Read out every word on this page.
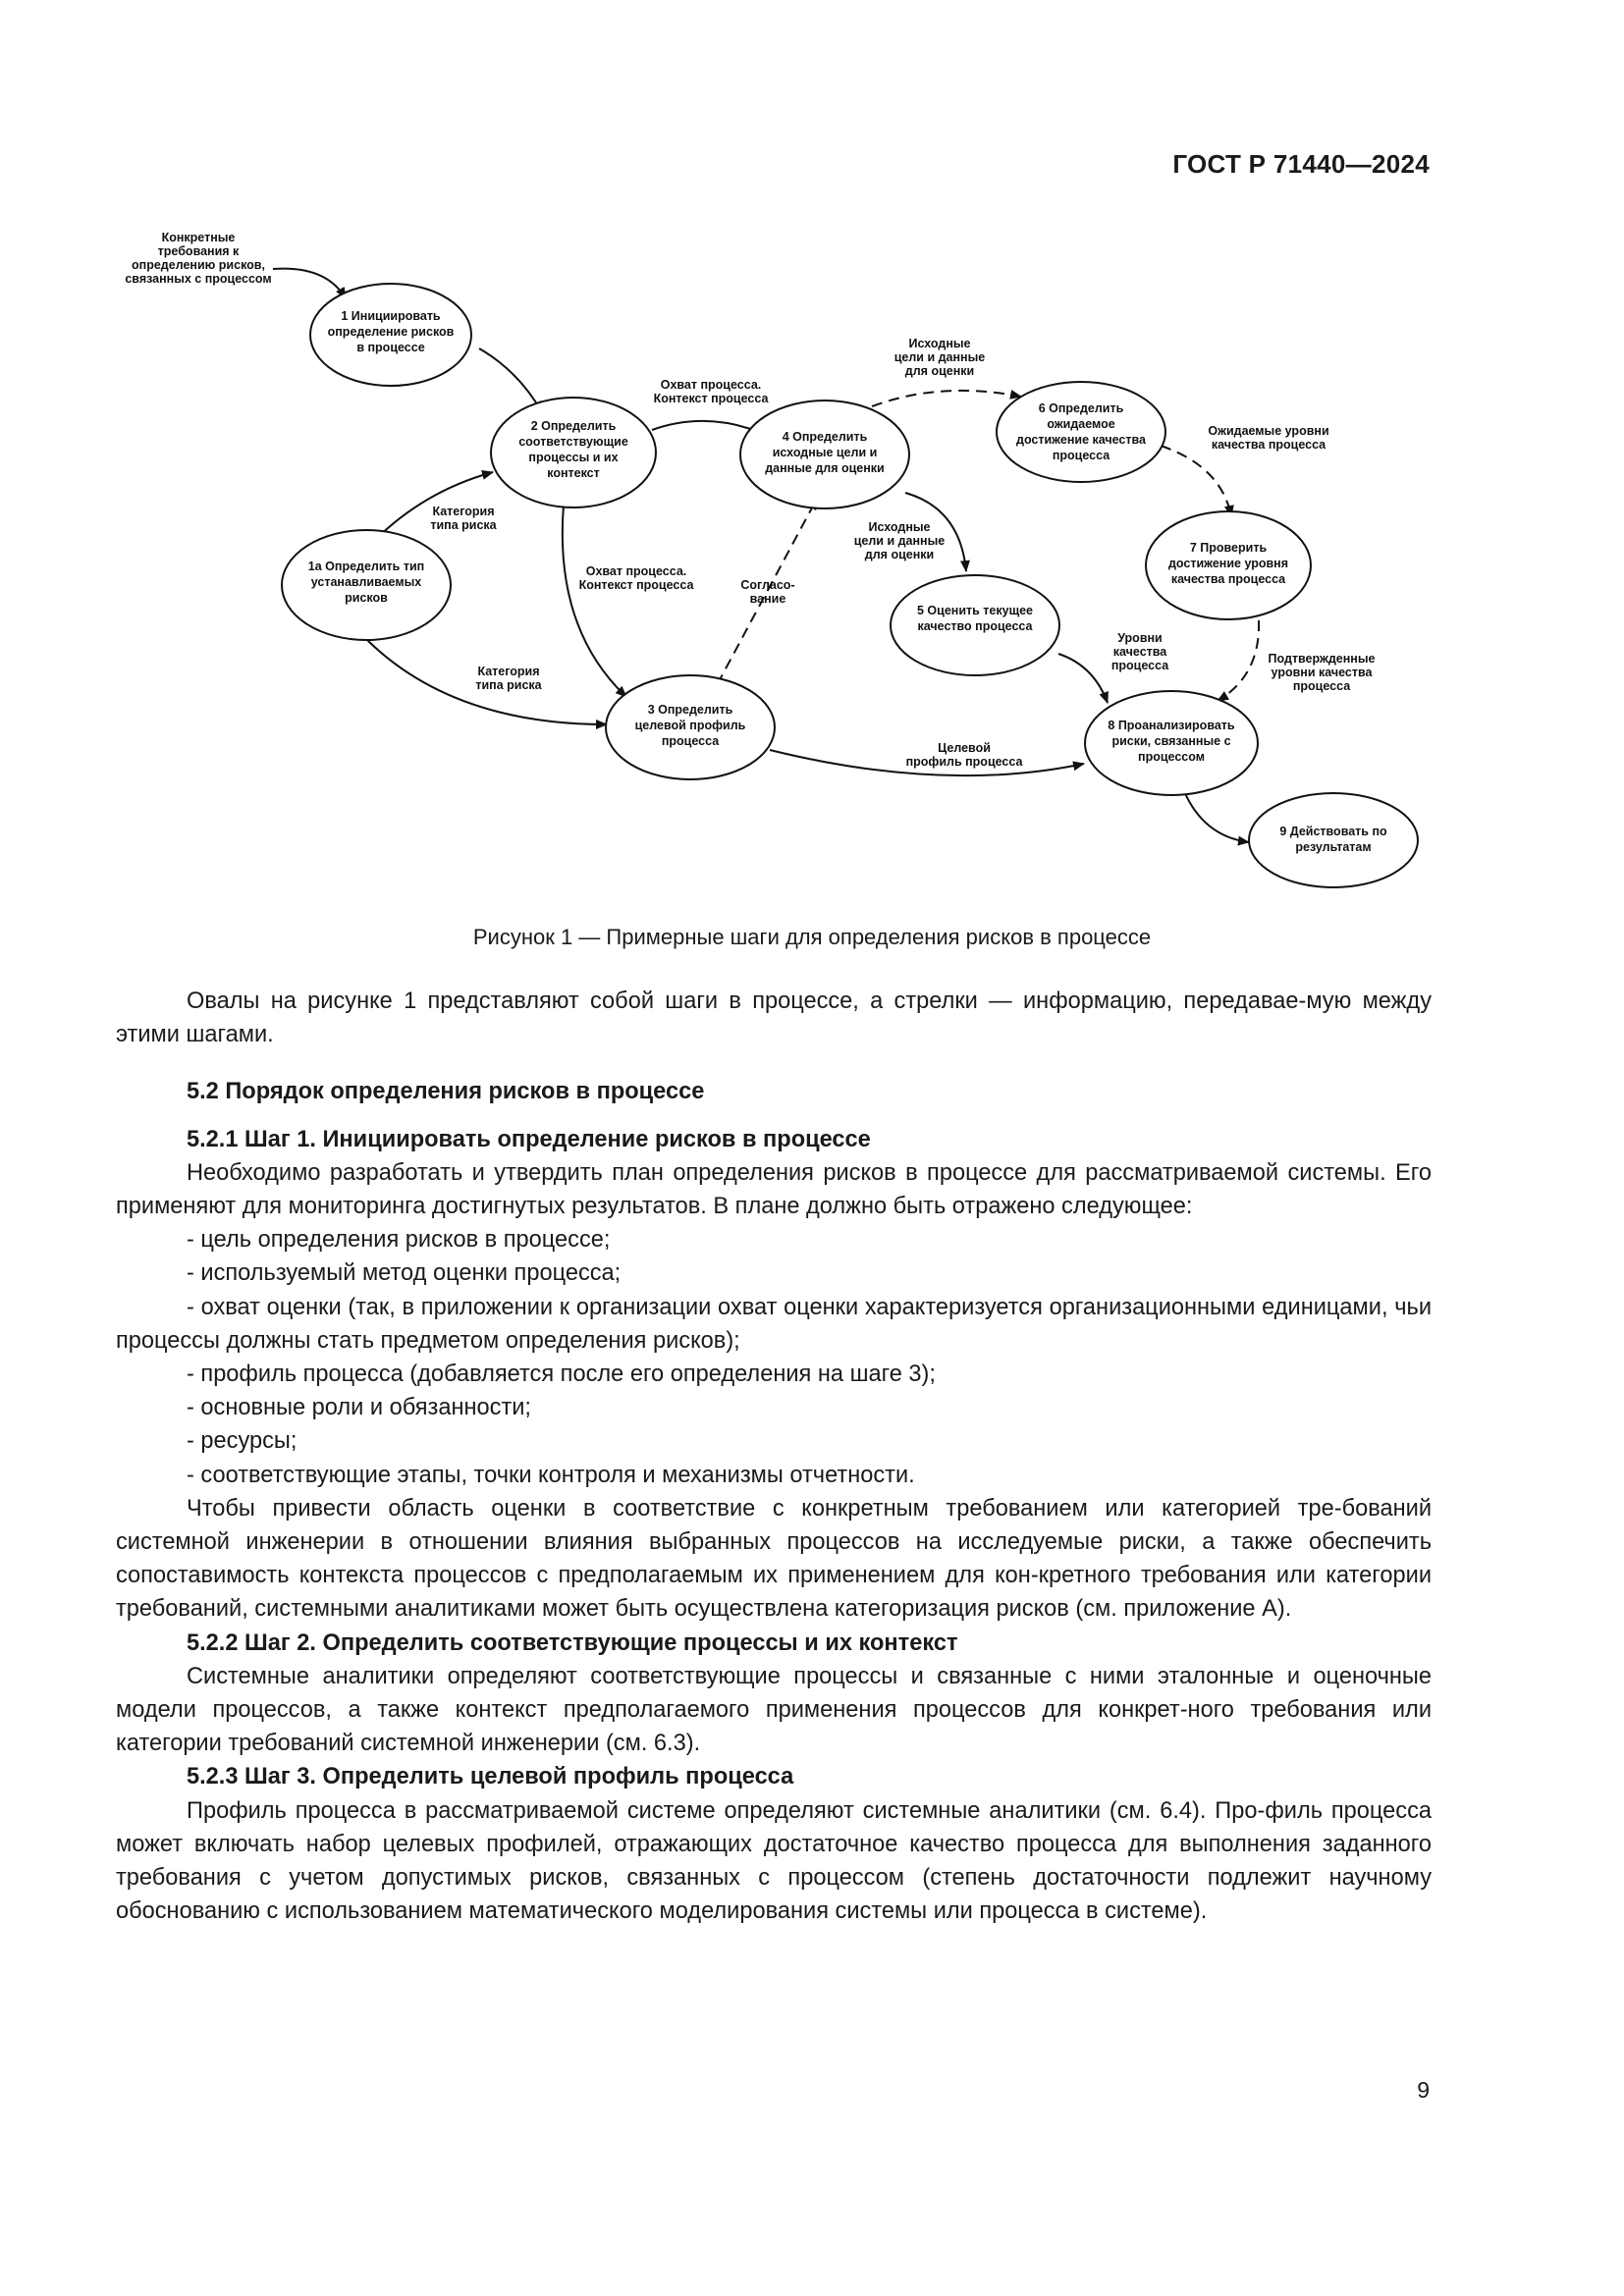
ГОСТ Р 71440—2024
1 Инициировать определение рисков в процессе
1a Определить тип устанавливаемых рисков
2 Определить соответствующие процессы и их контекст
3 Определить целевой профиль процесса
4 Определить исходные цели и данные для оценки
5 Оценить текущее качество процесса
6 Определить ожидаемое достижение качества процесса
7 Проверить достижение уровня качества процесса
8 Проанализировать риски, связанные с процессом
9 Действовать по результатам
Конкретные требования к определению рисков, связанных с процессом
Категория типа риска
Категория типа риска
Охват процесса. Контекст процесса
Охват процесса. Контекст процесса	Согласо-вание
Исходные цели и данные для оценки
Исходные цели и данные для оценки
Ожидаемые уровни качества процесса
Уровни качества процесса	Подтвержденные уровни качества процесса
Целевой профиль процесса
Рисунок 1 — Примерные шаги для определения рисков в процессе

Овалы на рисунке 1 представляют собой шаги в процессе, а стрелки — информацию, передавае-мую между этими шагами.

5.2 Порядок определения рисков в процессе
5.2.1 Шаг 1. Инициировать определение рисков в процессе

Необходимо разработать и утвердить план определения рисков в процессе для рассматриваемой системы. Его применяют для мониторинга достигнутых результатов. В плане должно быть отражено следующее:

- цель определения рисков в процессе;

- используемый метод оценки процесса;

- охват оценки (так, в приложении к организации охват оценки характеризуется организационными единицами, чьи процессы должны стать предметом определения рисков);

- профиль процесса (добавляется после его определения на шаге 3);

- основные роли и обязанности;

- ресурсы;

- соответствующие этапы, точки контроля и механизмы отчетности.

Чтобы привести область оценки в соответствие с конкретным требованием или категорией тре-бований системной инженерии в отношении влияния выбранных процессов на исследуемые риски, а также обеспечить сопоставимость контекста процессов с предполагаемым их применением для кон-кретного требования или категории требований, системными аналитиками может быть осуществлена категоризация рисков (см. приложение А).

5.2.2 Шаг 2. Определить соответствующие процессы и их контекст

Системные аналитики определяют соответствующие процессы и связанные с ними эталонные и оценочные модели процессов, а также контекст предполагаемого применения процессов для конкрет-ного требования или категории требований системной инженерии (см. 6.3).

5.2.3 Шаг 3. Определить целевой профиль процесса

Профиль процесса в рассматриваемой системе определяют системные аналитики (см. 6.4). Про-филь процесса может включать набор целевых профилей, отражающих достаточное качество процесса для выполнения заданного требования с учетом допустимых рисков, связанных с процессом (степень достаточности подлежит научному обоснованию с использованием математического моделирования системы или процесса в системе).

9
